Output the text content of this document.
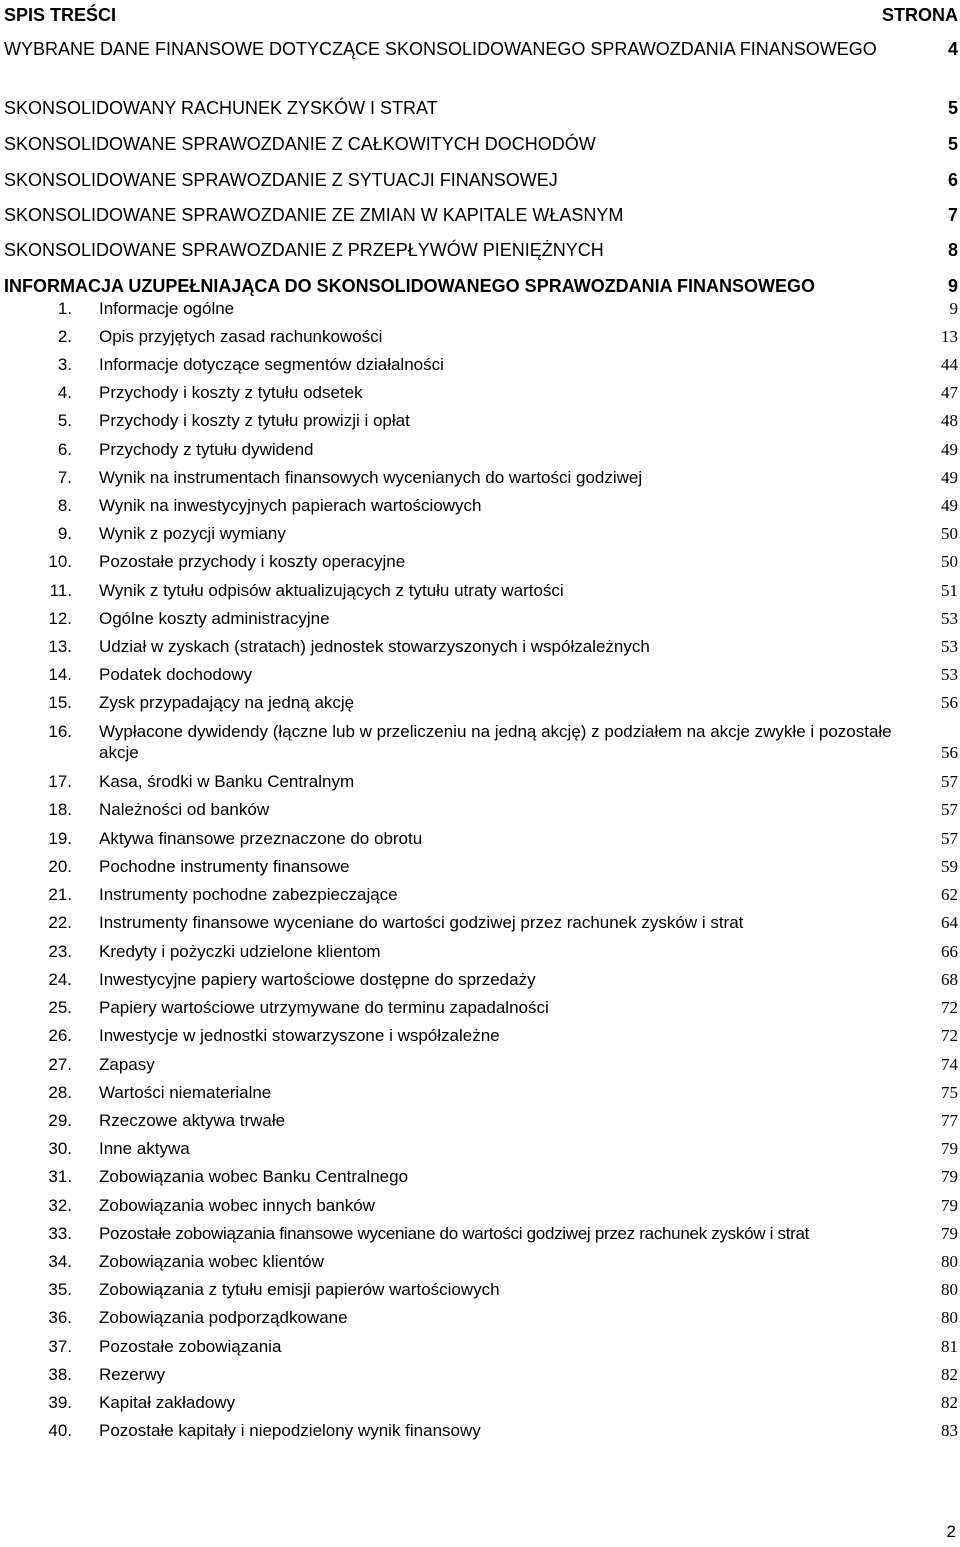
SPIS TREŚCI	STRONA
WYBRANE DANE FINANSOWE DOTYCZĄCE SKONSOLIDOWANEGO SPRAWOZDANIA FINANSOWEGO	4
SKONSOLIDOWANY RACHUNEK ZYSKÓW I STRAT	5
SKONSOLIDOWANE SPRAWOZDANIE Z CAŁKOWITYCH DOCHODÓW	5
SKONSOLIDOWANE SPRAWOZDANIE Z SYTUACJI FINANSOWEJ	6
SKONSOLIDOWANE SPRAWOZDANIE ZE ZMIAN W KAPITALE WŁASNYM	7
SKONSOLIDOWANE SPRAWOZDANIE Z PRZEPŁYWÓW PIENIĘŻNYCH	8
INFORMACJA UZUPEŁNIAJĄCA DO SKONSOLIDOWANEGO SPRAWOZDANIA FINANSOWEGO	9
1. Informacje ogólne	9
2. Opis przyjętych zasad rachunkowości	13
3. Informacje dotyczące segmentów działalności	44
4. Przychody i koszty z tytułu odsetek	47
5. Przychody i koszty z tytułu prowizji i opłat	48
6. Przychody z tytułu dywidend	49
7. Wynik na instrumentach finansowych wycenianych do wartości godziwej	49
8. Wynik na inwestycyjnych papierach wartościowych	49
9. Wynik z pozycji wymiany	50
10. Pozostałe przychody i koszty operacyjne	50
11. Wynik z tytułu odpisów aktualizujących z tytułu utraty wartości	51
12. Ogólne koszty administracyjne	53
13. Udział w zyskach (stratach) jednostek stowarzyszonych i współzależnych	53
14. Podatek dochodowy	53
15. Zysk przypadający na jedną akcję	56
16. Wypłacone dywidendy (łączne lub w przeliczeniu na jedną akcję) z podziałem na akcje zwykłe i pozostałe akcje	56
17. Kasa, środki w Banku Centralnym	57
18. Należności od banków	57
19. Aktywa finansowe przeznaczone do obrotu	57
20. Pochodne instrumenty finansowe	59
21. Instrumenty pochodne zabezpieczające	62
22. Instrumenty finansowe wyceniane do wartości godziwej przez rachunek zysków i strat	64
23. Kredyty i pożyczki udzielone klientom	66
24. Inwestycyjne papiery wartościowe dostępne do sprzedaży	68
25. Papiery wartościowe utrzymywane do terminu zapadalności	72
26. Inwestycje w jednostki stowarzyszone i współzależne	72
27. Zapasy	74
28. Wartości niematerialne	75
29. Rzeczowe aktywa trwałe	77
30. Inne aktywa	79
31. Zobowiązania wobec Banku Centralnego	79
32. Zobowiązania wobec innych banków	79
33. Pozostałe zobowiązania finansowe wyceniane do wartości godziwej przez rachunek zysków i strat	79
34. Zobowiązania wobec klientów	80
35. Zobowiązania z tytułu emisji papierów wartościowych	80
36. Zobowiązania podporządkowane	80
37. Pozostałe zobowiązania	81
38. Rezerwy	82
39. Kapitał zakładowy	82
40. Pozostałe kapitały i niepodzielony wynik finansowy	83
2
